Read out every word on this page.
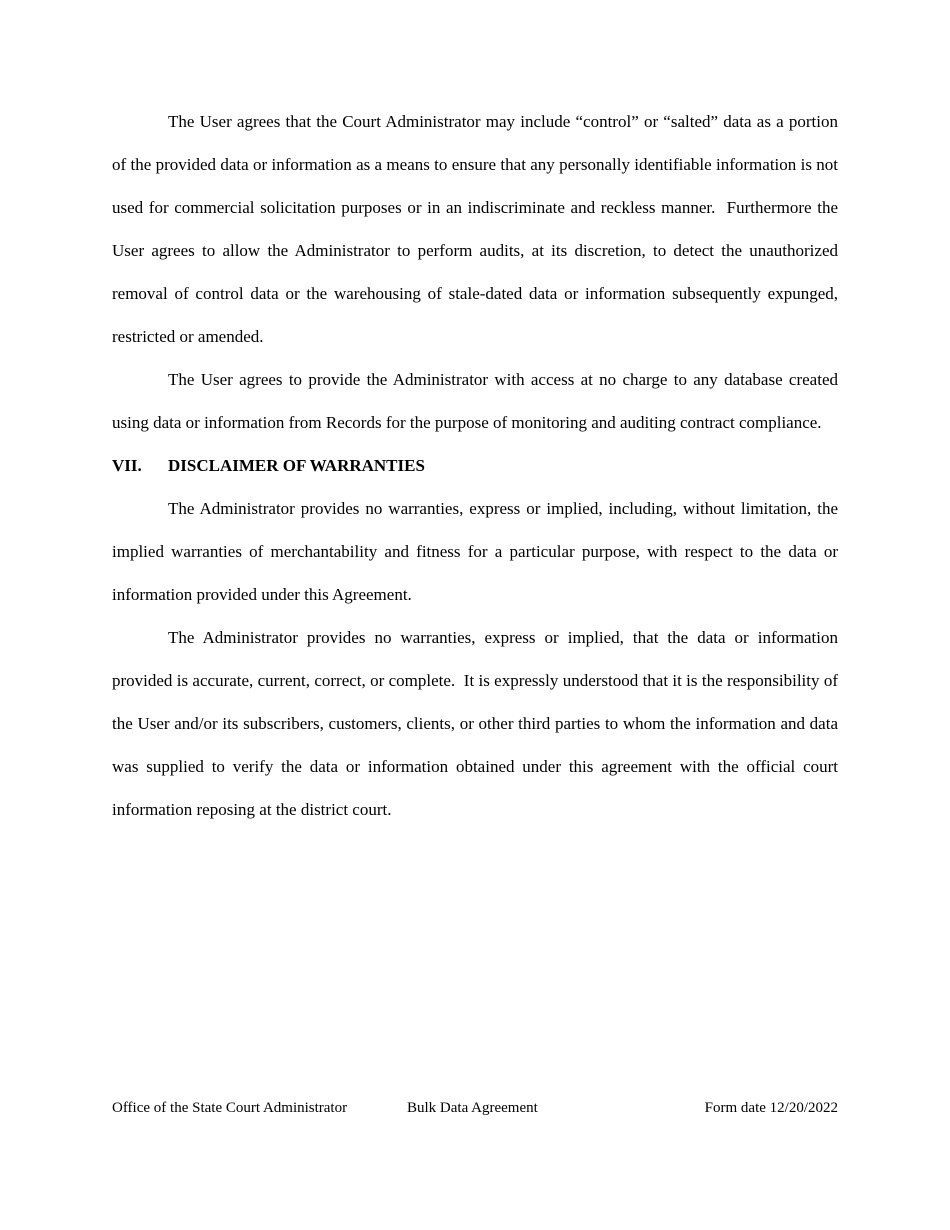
The User agrees that the Court Administrator may include “control” or “salted” data as a portion of the provided data or information as a means to ensure that any personally identifiable information is not used for commercial solicitation purposes or in an indiscriminate and reckless manner.  Furthermore the User agrees to allow the Administrator to perform audits, at its discretion, to detect the unauthorized removal of control data or the warehousing of stale-dated data or information subsequently expunged, restricted or amended.

The User agrees to provide the Administrator with access at no charge to any database created using data or information from Records for the purpose of monitoring and auditing contract compliance.

VII.	DISCLAIMER OF WARRANTIES

The Administrator provides no warranties, express or implied, including, without limitation, the implied warranties of merchantability and fitness for a particular purpose, with respect to the data or information provided under this Agreement.

The Administrator provides no warranties, express or implied, that the data or information provided is accurate, current, correct, or complete.  It is expressly understood that it is the responsibility of the User and/or its subscribers, customers, clients, or other third parties to whom the information and data was supplied to verify the data or information obtained under this agreement with the official court information reposing at the district court.

Office of the State Court Administrator	Bulk Data Agreement	Form date 12/20/2022
